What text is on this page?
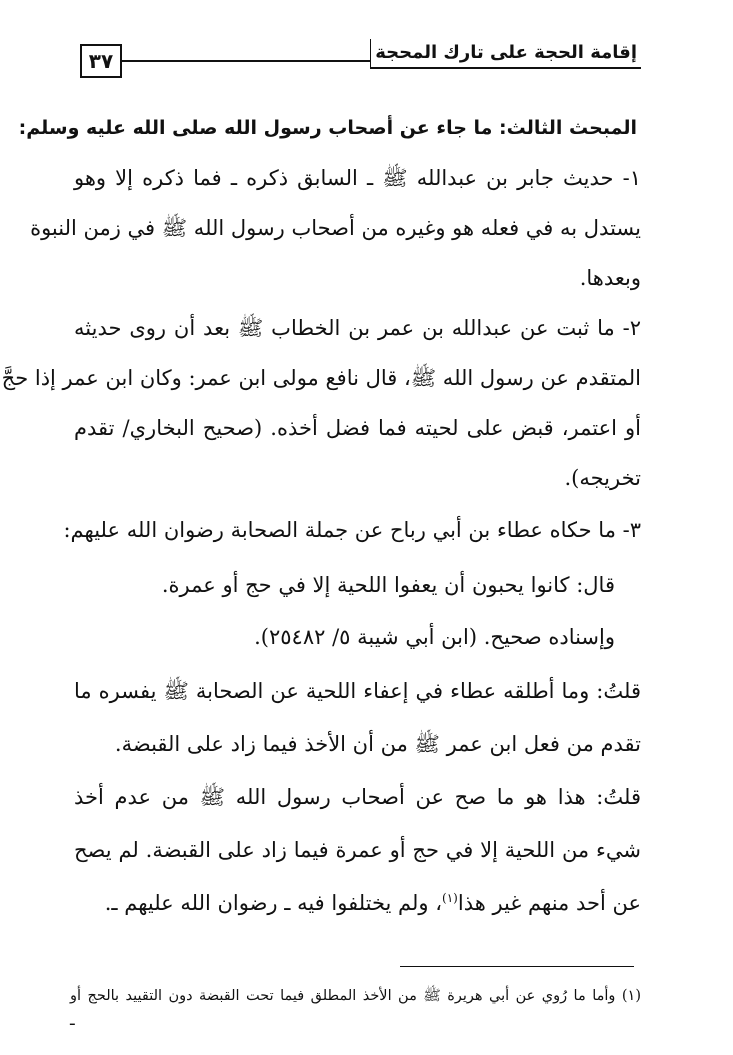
إقامة الحجة على تارك المحجة
٣٧
المبحث الثالث: ما جاء عن أصحاب رسول الله صلى الله عليه وسلم:
١- حديث جابر بن عبدالله ﷺ ـ السابق ذكره ـ فما ذكره إلا وهو
يستدل به في فعله هو وغيره من أصحاب رسول الله ﷺ في زمن النبوة
وبعدها.
٢- ما ثبت عن عبدالله بن عمر بن الخطاب ﷺ بعد أن روى حديثه
المتقدم عن رسول الله ﷺ، قال نافع مولى ابن عمر: وكان ابن عمر إذا حجَّ
أو اعتمر، قبض على لحيته فما فضل أخذه. (صحيح البخاري/ تقدم
تخريجه).
٣- ما حكاه عطاء بن أبي رباح عن جملة الصحابة رضوان الله عليهم:
قال: كانوا يحبون أن يعفوا اللحية إلا في حج أو عمرة.
وإسناده صحيح. (ابن أبي شيبة ٥/ ٢٥٤٨٢).
قلتُ: وما أطلقه عطاء في إعفاء اللحية عن الصحابة ﷺ يفسره ما
تقدم من فعل ابن عمر ﷺ من أن الأخذ فيما زاد على القبضة.
قلتُ: هذا هو ما صح عن أصحاب رسول الله ﷺ من عدم أخذ
شيء من اللحية إلا في حج أو عمرة فيما زاد على القبضة. لم يصح
عن أحد منهم غير هذا$^{(١)}$، ولم يختلفوا فيه ـ رضوان الله عليهم ـ.
(١) وأما ما رُوي عن أبي هريرة ﷺ من الأخذ المطلق فيما تحت القبضة دون التقييد بالحج أو
ـ
